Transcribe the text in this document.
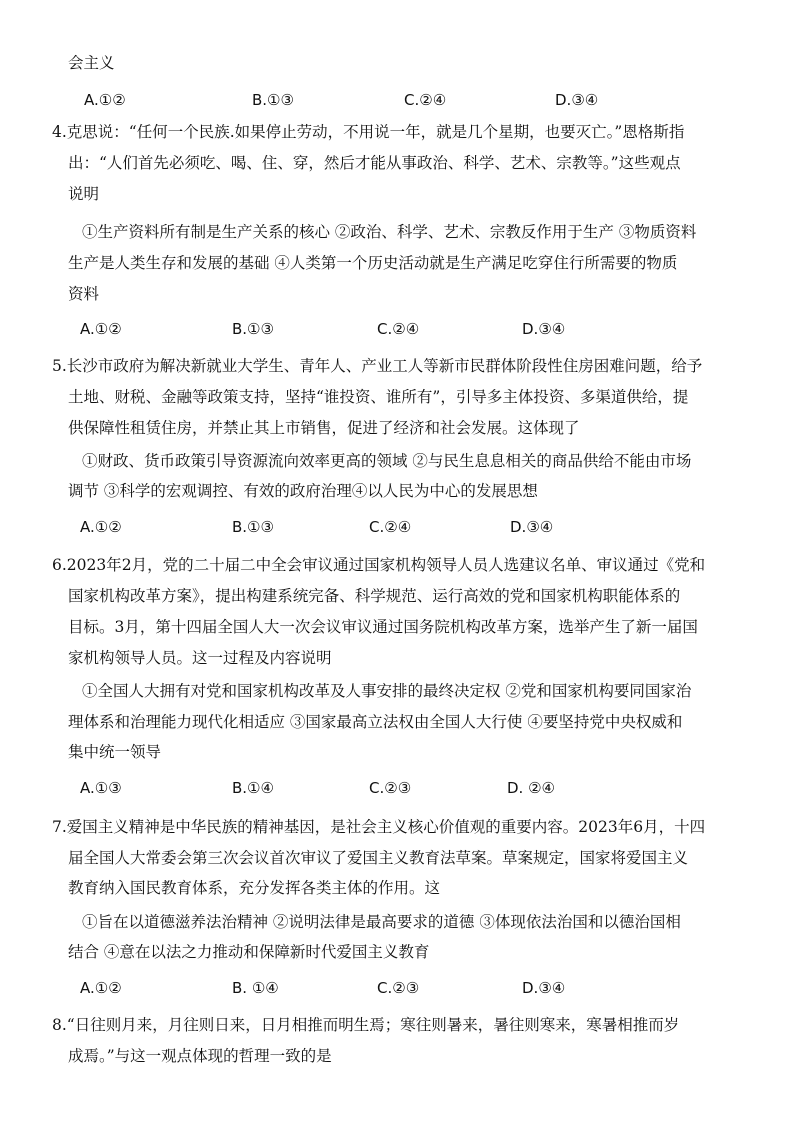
会主义
A.①②	B.①③	C.②④	D.③④
4.克思说：“任何一个民族.如果停止劳动，不用说一年，就是几个星期，也要灭亡。”恩格斯指
出：“人们首先必须吃、喝、住、穿，然后才能从事政治、科学、艺术、宗教等。”这些观点
说明
①生产资料所有制是生产关系的核心 ②政治、科学、艺术、宗教反作用于生产 ③物质资料
生产是人类生存和发展的基础 ④人类第一个历史活动就是生产满足吃穿住行所需要的物质
资料
A.①②	B.①③	C.②④	D.③④
5.长沙市政府为解决新就业大学生、青年人、产业工人等新市民群体阶段性住房困难问题，给予
土地、财税、金融等政策支持，坚持“谁投资、谁所有”，引导多主体投资、多渠道供给，提
供保障性租赁住房，并禁止其上市销售，促进了经济和社会发展。这体现了
①财政、货币政策引导资源流向效率更高的领域 ②与民生息息相关的商品供给不能由市场
调节 ③科学的宏观调控、有效的政府治理④以人民为中心的发展思想
A.①②	B.①③	C.②④	D.③④
6.2023年2月，党的二十届二中全会审议通过国家机构领导人员人选建议名单、审议通过《党和
国家机构改革方案》，提出构建系统完备、科学规范、运行高效的党和国家机构职能体系的
目标。3月，第十四届全国人大一次会议审议通过国务院机构改革方案，选举产生了新一届国
家机构领导人员。这一过程及内容说明
①全国人大拥有对党和国家机构改革及人事安排的最终决定权 ②党和国家机构要同国家治
理体系和治理能力现代化相适应 ③国家最高立法权由全国人大行使 ④要坚持党中央权威和
集中统一领导
A.①③	B.①④	C.②③	D. ②④
7.爱国主义精神是中华民族的精神基因，是社会主义核心价值观的重要内容。2023年6月，十四
届全国人大常委会第三次会议首次审议了爱国主义教育法草案。草案规定，国家将爱国主义
教育纳入国民教育体系，充分发挥各类主体的作用。这
①旨在以道德滋养法治精神 ②说明法律是最高要求的道德 ③体现依法治国和以德治国相
结合 ④意在以法之力推动和保障新时代爱国主义教育
A.①②	B. ①④	C.②③	D.③④
8.“日往则月来，月往则日来，日月相推而明生焉；寒往则暑来，暑往则寒来，寒暑相推而岁
成焉。”与这一观点体现的哲理一致的是
